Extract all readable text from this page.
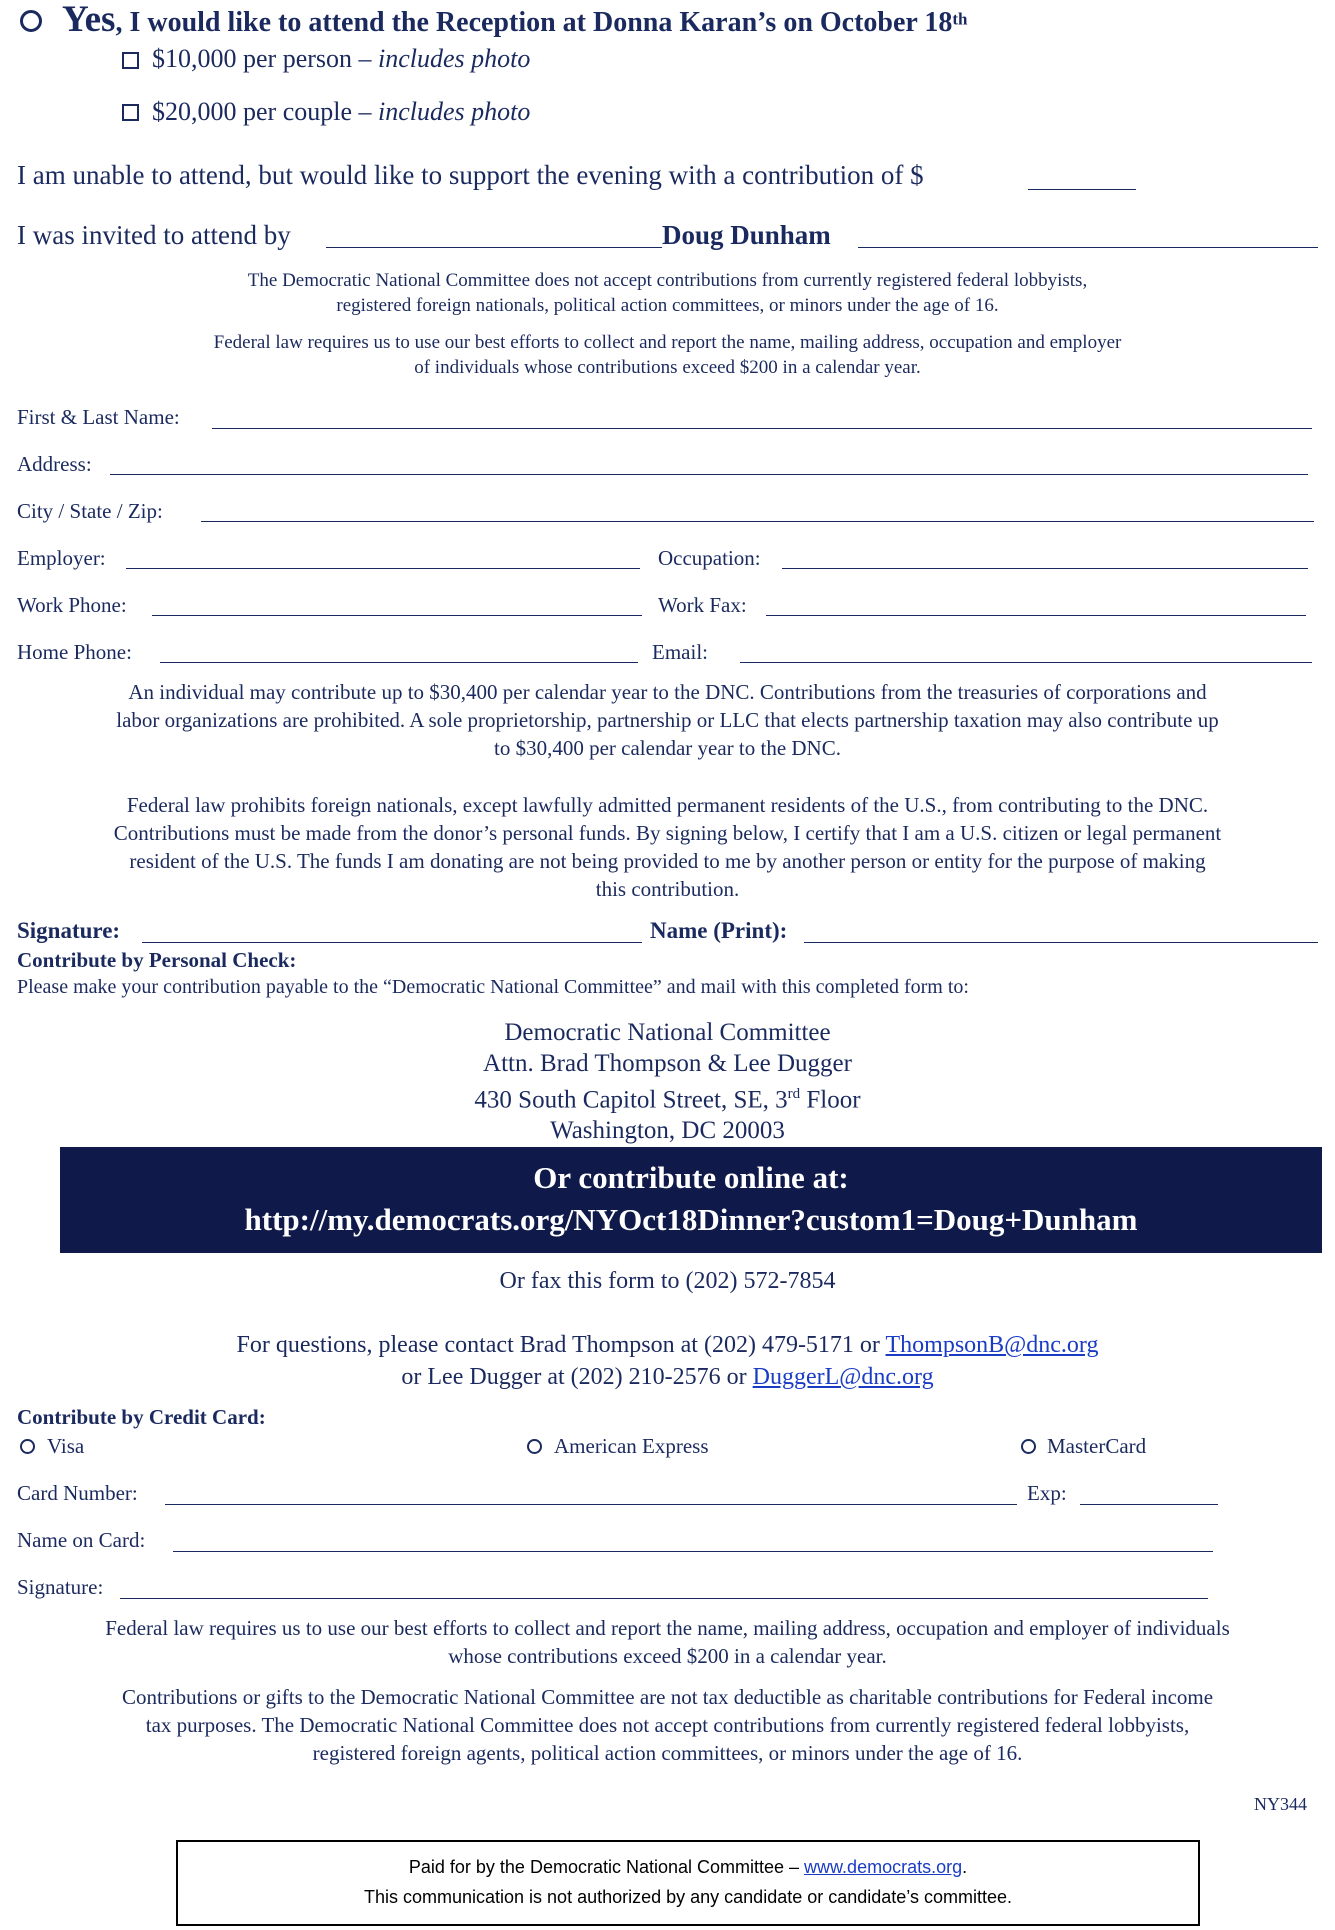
Yes, I would like to attend the Reception at Donna Karan’s on October 18th
$10,000 per person – includes photo
$20,000 per couple – includes photo
I am unable to attend, but would like to support the evening with a contribution of $
I was invited to attend by	Doug Dunham
The Democratic National Committee does not accept contributions from currently registered federal lobbyists,
registered foreign nationals, political action committees, or minors under the age of 16.
Federal law requires us to use our best efforts to collect and report the name, mailing address, occupation and employer
of individuals whose contributions exceed $200 in a calendar year.
First & Last Name:
Address:
City / State / Zip:
Employer:	Occupation:
Work Phone:	Work Fax:
Home Phone:	Email:
An individual may contribute up to $30,400 per calendar year to the DNC. Contributions from the treasuries of corporations and
labor organizations are prohibited. A sole proprietorship, partnership or LLC that elects partnership taxation may also contribute up
to $30,400 per calendar year to the DNC.
Federal law prohibits foreign nationals, except lawfully admitted permanent residents of the U.S., from contributing to the DNC.
Contributions must be made from the donor’s personal funds. By signing below, I certify that I am a U.S. citizen or legal permanent
resident of the U.S. The funds I am donating are not being provided to me by another person or entity for the purpose of making
this contribution.
Signature:	Name (Print):
Contribute by Personal Check:
Please make your contribution payable to the “Democratic National Committee” and mail with this completed form to:
Democratic National Committee
Attn. Brad Thompson & Lee Dugger
430 South Capitol Street, SE, 3rd Floor
Washington, DC 20003
Or contribute online at:
http://my.democrats.org/NYOct18Dinner?custom1=Doug+Dunham
Or fax this form to (202) 572-7854
For questions, please contact Brad Thompson at (202) 479-5171 or ThompsonB@dnc.org
or Lee Dugger at (202) 210-2576 or DuggerL@dnc.org
Contribute by Credit Card:
Visa	American Express	MasterCard
Card Number:	Exp:
Name on Card:
Signature:
Federal law requires us to use our best efforts to collect and report the name, mailing address, occupation and employer of individuals
whose contributions exceed $200 in a calendar year.
Contributions or gifts to the Democratic National Committee are not tax deductible as charitable contributions for Federal income
tax purposes. The Democratic National Committee does not accept contributions from currently registered federal lobbyists,
registered foreign agents, political action committees, or minors under the age of 16.
NY344
Paid for by the Democratic National Committee – www.democrats.org.
This communication is not authorized by any candidate or candidate’s committee.
